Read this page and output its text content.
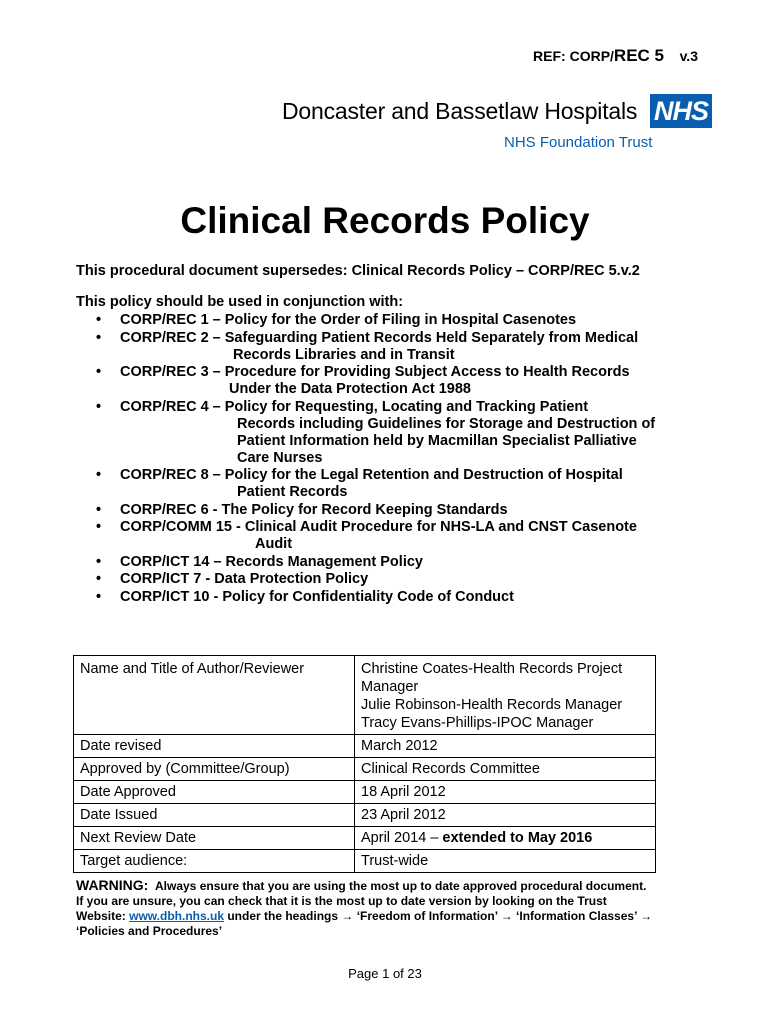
REF: CORP/REC 5 v.3
Doncaster and Bassetlaw Hospitals NHS
NHS Foundation Trust
Clinical Records Policy
This procedural document supersedes: Clinical Records Policy – CORP/REC 5.v.2
This policy should be used in conjunction with:
• CORP/REC 1 – Policy for the Order of Filing in Hospital Casenotes
• CORP/REC 2 – Safeguarding Patient Records Held Separately from Medical
Records Libraries and in Transit
• CORP/REC 3 – Procedure for Providing Subject Access to Health Records
Under the Data Protection Act 1988
• CORP/REC 4 – Policy for Requesting, Locating and Tracking Patient
Records including Guidelines for Storage and Destruction of
Patient Information held by Macmillan Specialist Palliative
Care Nurses
• CORP/REC 8 – Policy for the Legal Retention and Destruction of Hospital
Patient Records
• CORP/REC 6 - The Policy for Record Keeping Standards
• CORP/COMM 15 - Clinical Audit Procedure for NHS-LA and CNST Casenote
Audit
• CORP/ICT 14 – Records Management Policy
• CORP/ICT 7 - Data Protection Policy
• CORP/ICT 10 - Policy for Confidentiality Code of Conduct
Name and Title of Author/Reviewer	Christine Coates-Health Records Project Manager
Julie Robinson-Health Records Manager
Tracy Evans-Phillips-IPOC Manager

Date revised	March 2012
Approved by (Committee/Group)	Clinical Records Committee
Date Approved	18 April 2012
Date Issued	23 April 2012
Next Review Date	April 2014 – extended to May 2016
Target audience:	Trust-wide
WARNING: Always ensure that you are using the most up to date approved procedural document.
If you are unsure, you can check that it is the most up to date version by looking on the Trust
Website: www.dbh.nhs.uk under the headings → ‘Freedom of Information’ → ‘Information Classes’ →
‘Policies and Procedures’
Page 1 of 23
